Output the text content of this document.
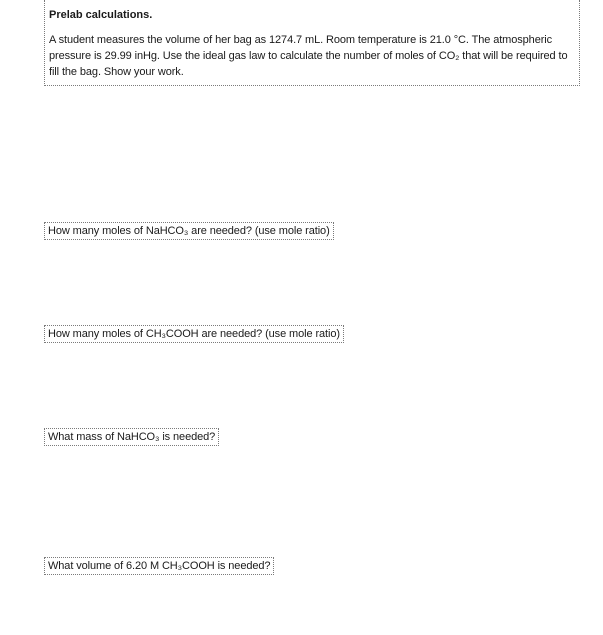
Prelab calculations.

A student measures the volume of her bag as 1274.7 mL. Room temperature is 21.0 °C. The atmospheric pressure is 29.99 inHg. Use the ideal gas law to calculate the number of moles of CO₂ that will be required to fill the bag. Show your work.

How many moles of NaHCO₃ are needed? (use mole ratio)
How many moles of CH₃COOH are needed? (use mole ratio)
What mass of NaHCO₃ is needed?
What volume of 6.20 M CH₃COOH is needed?
